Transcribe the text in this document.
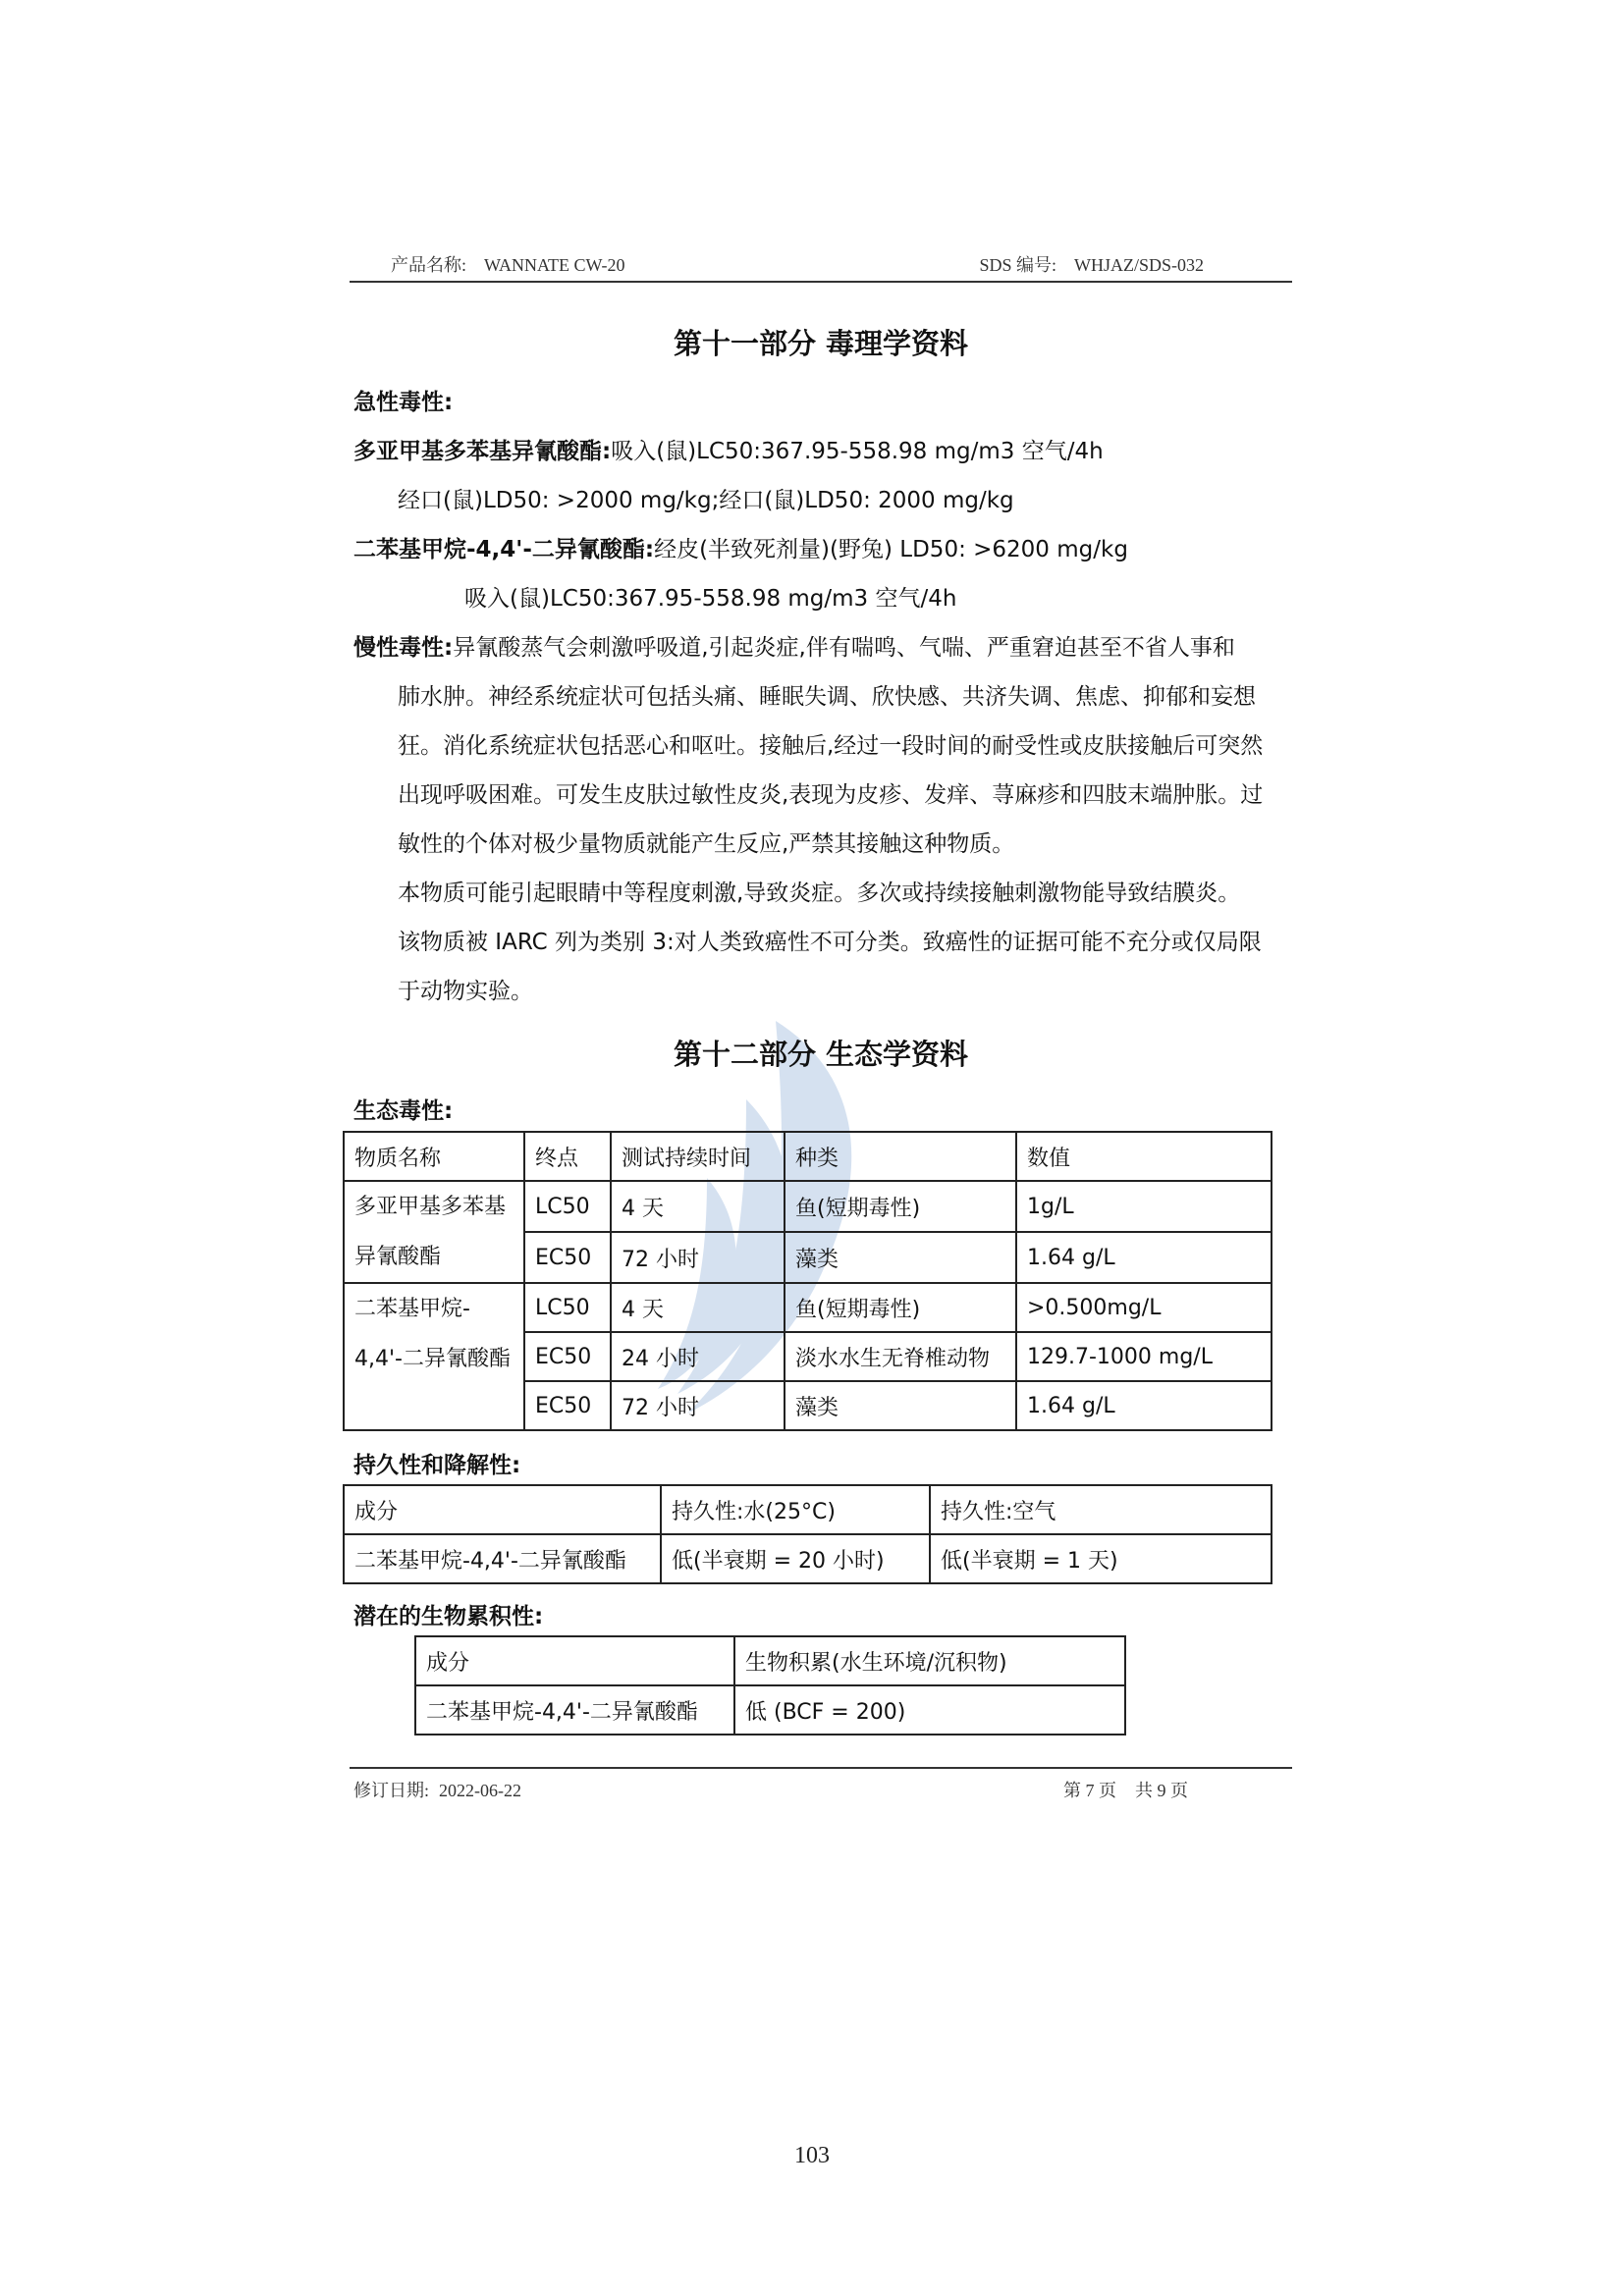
产品名称: WANNATE CW-20	SDS 编号: WHJAZ/SDS-032
第十一部分 毒理学资料
急性毒性:
多亚甲基多苯基异氰酸酯:吸入(鼠)LC50:367.95-558.98 mg/m3 空气/4h
经口(鼠)LD50: >2000 mg/kg;经口(鼠)LD50: 2000 mg/kg
二苯基甲烷-4,4'-二异氰酸酯:经皮(半致死剂量)(野兔) LD50: >6200 mg/kg
吸入(鼠)LC50:367.95-558.98 mg/m3 空气/4h
慢性毒性:异氰酸蒸气会刺激呼吸道,引起炎症,伴有喘鸣、气喘、严重窘迫甚至不省人事和
肺水肿。神经系统症状可包括头痛、睡眠失调、欣快感、共济失调、焦虑、抑郁和妄想
狂。消化系统症状包括恶心和呕吐。接触后,经过一段时间的耐受性或皮肤接触后可突然
出现呼吸困难。可发生皮肤过敏性皮炎,表现为皮疹、发痒、荨麻疹和四肢末端肿胀。过
敏性的个体对极少量物质就能产生反应,严禁其接触这种物质。
本物质可能引起眼睛中等程度刺激,导致炎症。多次或持续接触刺激物能导致结膜炎。
该物质被 IARC 列为类别 3:对人类致癌性不可分类。致癌性的证据可能不充分或仅局限
于动物实验。
第十二部分 生态学资料
生态毒性:
物质名称	终点	测试持续时间	种类	数值

多亚甲基多苯基
异氰酸酯	LC50	4 天	鱼(短期毒性)	1g/L
	EC50	72 小时	藻类	1.64 g/L

二苯基甲烷-
4,4'-二异氰酸酯	LC50	4 天	鱼(短期毒性)	>0.500mg/L
	EC50	24 小时	淡水水生无脊椎动物	129.7-1000 mg/L
	EC50	72 小时	藻类	1.64 g/L
持久性和降解性:
成分	持久性:水(25°C)	持久性:空气
二苯基甲烷-4,4'-二异氰酸酯	低(半衰期 = 20 小时)	低(半衰期 = 1 天)
潜在的生物累积性:
成分	生物积累(水生环境/沉积物)
二苯基甲烷-4,4'-二异氰酸酯	低 (BCF = 200)
修订日期: 2022-06-22	第 7 页 共 9 页
103
